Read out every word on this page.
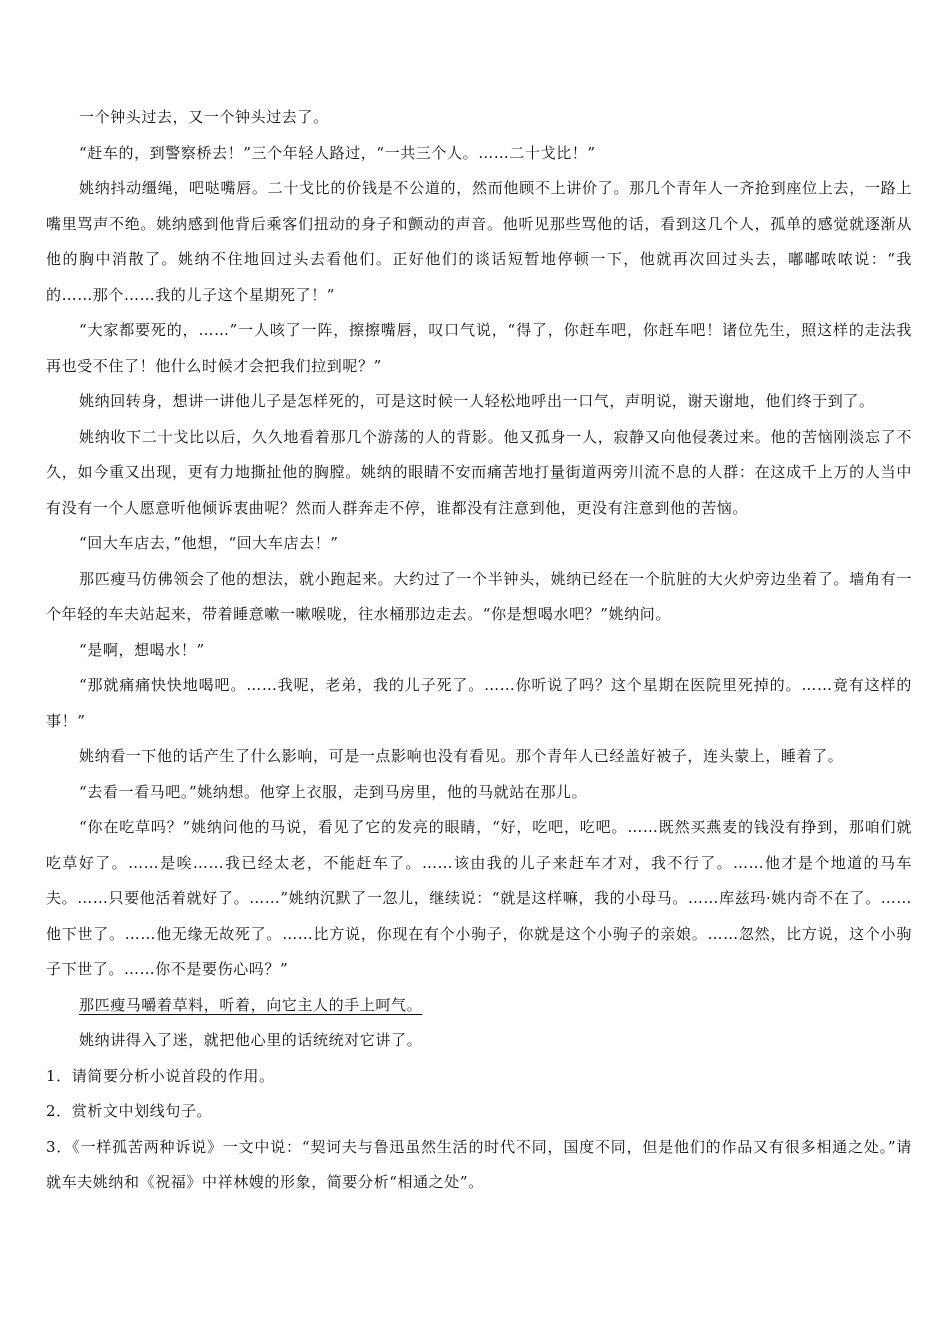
一个钟头过去，又一个钟头过去了。

“赶车的，到警察桥去！”三个年轻人路过，“一共三个人。……二十戈比！”

姚纳抖动缰绳，吧哒嘴唇。二十戈比的价钱是不公道的，然而他顾不上讲价了。那几个青年人一齐抢到座位上去，一路上嘴里骂声不绝。姚纳感到他背后乘客们扭动的身子和颤动的声音。他听见那些骂他的话，看到这几个人，孤单的感觉就逐渐从他的胸中消散了。姚纳不住地回过头去看他们。正好他们的谈话短暂地停顿一下，他就再次回过头去，嘟嘟哝哝说：“我的……那个……我的儿子这个星期死了！”

“大家都要死的，……”一人咳了一阵，擦擦嘴唇，叹口气说，“得了，你赶车吧，你赶车吧！诸位先生，照这样的走法我再也受不住了！他什么时候才会把我们拉到呢？”

姚纳回转身，想讲一讲他儿子是怎样死的，可是这时候一人轻松地呼出一口气，声明说，谢天谢地，他们终于到了。

姚纳收下二十戈比以后，久久地看着那几个游荡的人的背影。他又孤身一人，寂静又向他侵袭过来。他的苦恼刚淡忘了不久，如今重又出现，更有力地撕扯他的胸膛。姚纳的眼睛不安而痛苦地打量街道两旁川流不息的人群：在这成千上万的人当中有没有一个人愿意听他倾诉衷曲呢？然而人群奔走不停，谁都没有注意到他，更没有注意到他的苦恼。

“回大车店去，”他想，“回大车店去！”

那匹瘦马仿佛领会了他的想法，就小跑起来。大约过了一个半钟头，姚纳已经在一个肮脏的大火炉旁边坐着了。墙角有一个年轻的车夫站起来，带着睡意嗽一嗽喉咙，往水桶那边走去。“你是想喝水吧？”姚纳问。

“是啊，想喝水！”

“那就痛痛快快地喝吧。……我呢，老弟，我的儿子死了。……你听说了吗？这个星期在医院里死掉的。……竟有这样的事！”

姚纳看一下他的话产生了什么影响，可是一点影响也没有看见。那个青年人已经盖好被子，连头蒙上，睡着了。

“去看一看马吧。”姚纳想。他穿上衣服，走到马房里，他的马就站在那儿。

“你在吃草吗？”姚纳问他的马说，看见了它的发亮的眼睛，“好，吃吧，吃吧。……既然买燕麦的钱没有挣到，那咱们就吃草好了。……是唉……我已经太老，不能赶车了。……该由我的儿子来赶车才对，我不行了。……他才是个地道的马车夫。……只要他活着就好了。……”姚纳沉默了一忽儿，继续说：“就是这样嘛，我的小母马。……库兹玛·姚内奇不在了。……他下世了。……他无缘无故死了。……比方说，你现在有个小驹子，你就是这个小驹子的亲娘。……忽然，比方说，这个小驹子下世了。……你不是要伤心吗？”

那匹瘦马嚼着草料，听着，向它主人的手上呵气。

姚纳讲得入了迷，就把他心里的话统统对它讲了。

1．请简要分析小说首段的作用。

2．赏析文中划线句子。

3．《一样孤苦两种诉说》一文中说：“契诃夫与鲁迅虽然生活的时代不同，国度不同，但是他们的作品又有很多相通之处。”请就车夫姚纳和《祝福》中祥林嫂的形象，简要分析“相通之处”。
